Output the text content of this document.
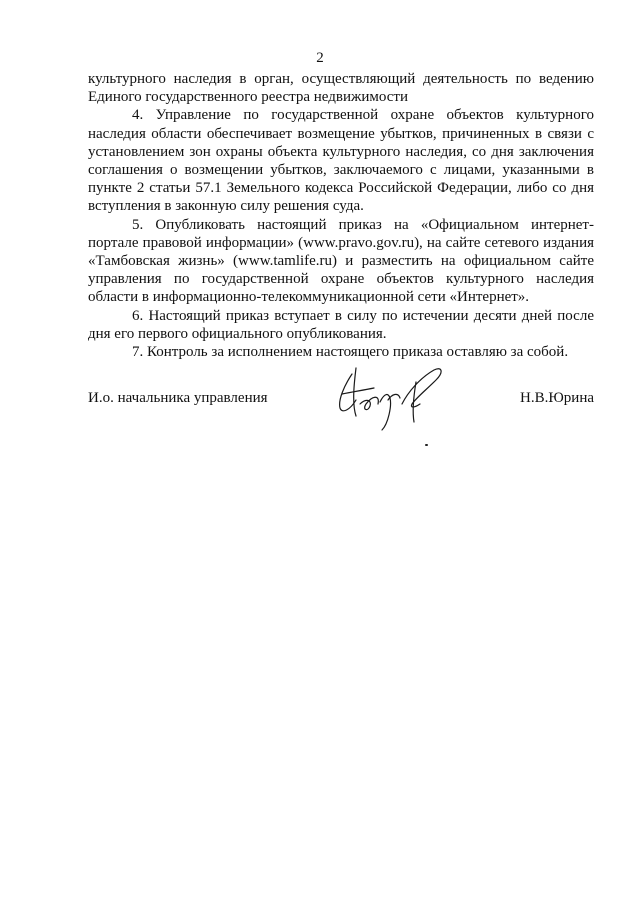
2

культурного наследия в орган, осуществляющий деятельность по ведению Единого государственного реестра недвижимости

4. Управление по государственной охране объектов культурного наследия области обеспечивает возмещение убытков, причиненных в связи с установлением зон охраны объекта культурного наследия, со дня заключения соглашения о возмещении убытков, заключаемого с лицами, указанными в пункте 2 статьи 57.1 Земельного кодекса Российской Федерации, либо со дня вступления в законную силу решения суда.

5. Опубликовать настоящий приказ на «Официальном интернет-портале правовой информации» (www.pravo.gov.ru), на сайте сетевого издания «Тамбовская жизнь» (www.tamlife.ru) и разместить на официальном сайте управления по государственной охране объектов культурного наследия области в информационно-телекоммуникационной сети «Интернет».

6. Настоящий приказ вступает в силу по истечении десяти дней после дня его первого официального опубликования.

7. Контроль за исполнением настоящего приказа оставляю за собой.

И.о. начальника управления	Н.В.Юрина
